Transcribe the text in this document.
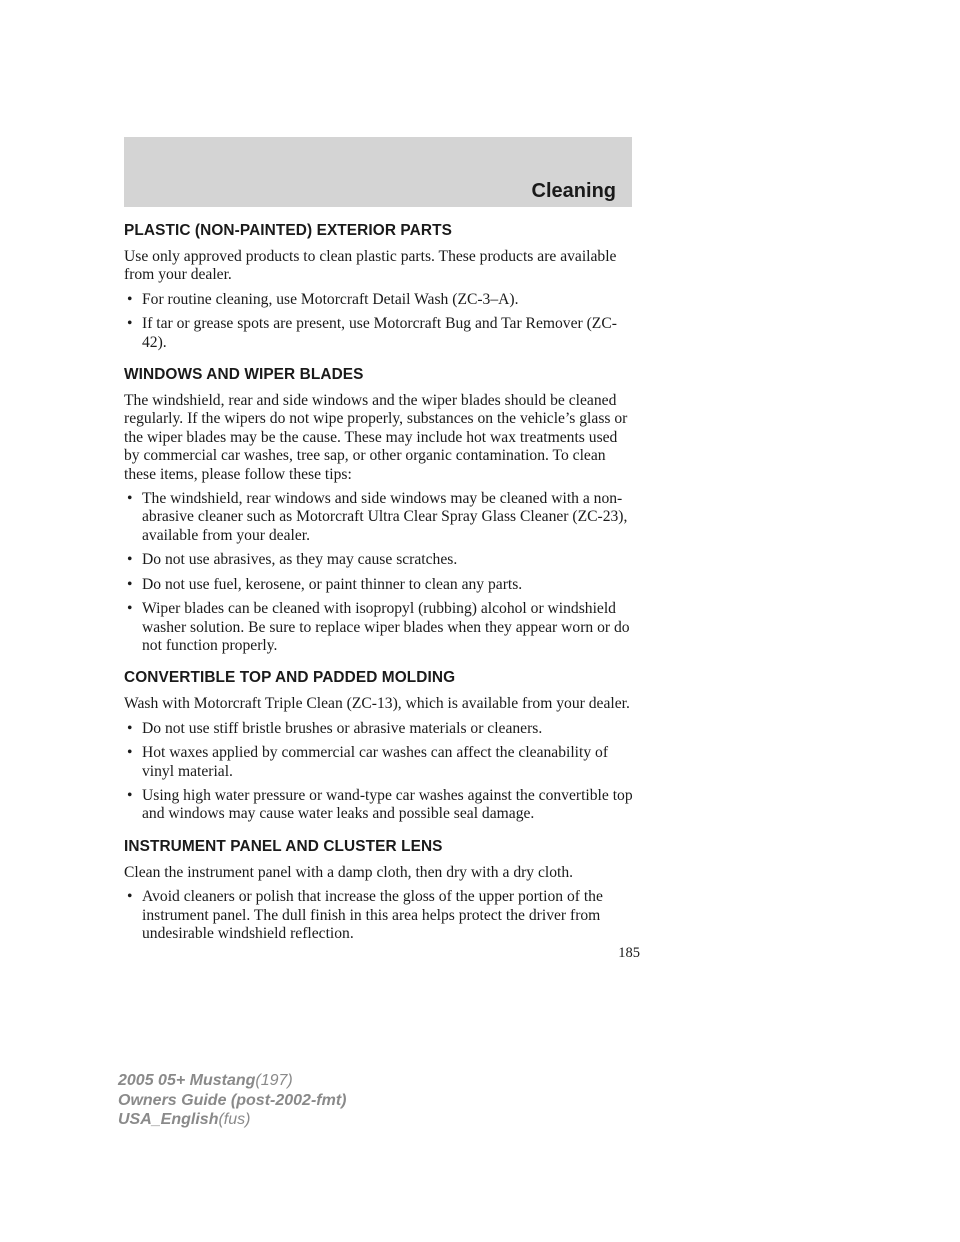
Cleaning
PLASTIC (NON-PAINTED) EXTERIOR PARTS

Use only approved products to clean plastic parts. These products are available from your dealer.

• For routine cleaning, use Motorcraft Detail Wash (ZC-3–A).
• If tar or grease spots are present, use Motorcraft Bug and Tar Remover (ZC-42).
WINDOWS AND WIPER BLADES

The windshield, rear and side windows and the wiper blades should be cleaned regularly. If the wipers do not wipe properly, substances on the vehicle’s glass or the wiper blades may be the cause. These may include hot wax treatments used by commercial car washes, tree sap, or other organic contamination. To clean these items, please follow these tips:

• The windshield, rear windows and side windows may be cleaned with a non-abrasive cleaner such as Motorcraft Ultra Clear Spray Glass Cleaner (ZC-23), available from your dealer.
• Do not use abrasives, as they may cause scratches.
• Do not use fuel, kerosene, or paint thinner to clean any parts.
• Wiper blades can be cleaned with isopropyl (rubbing) alcohol or windshield washer solution. Be sure to replace wiper blades when they appear worn or do not function properly.
CONVERTIBLE TOP AND PADDED MOLDING

Wash with Motorcraft Triple Clean (ZC-13), which is available from your dealer.

• Do not use stiff bristle brushes or abrasive materials or cleaners.
• Hot waxes applied by commercial car washes can affect the cleanability of vinyl material.
• Using high water pressure or wand-type car washes against the convertible top and windows may cause water leaks and possible seal damage.
INSTRUMENT PANEL AND CLUSTER LENS

Clean the instrument panel with a damp cloth, then dry with a dry cloth.

• Avoid cleaners or polish that increase the gloss of the upper portion of the instrument panel. The dull finish in this area helps protect the driver from undesirable windshield reflection.
185
2005 05+ Mustang(197)
Owners Guide (post-2002-fmt)
USA_English(fus)
